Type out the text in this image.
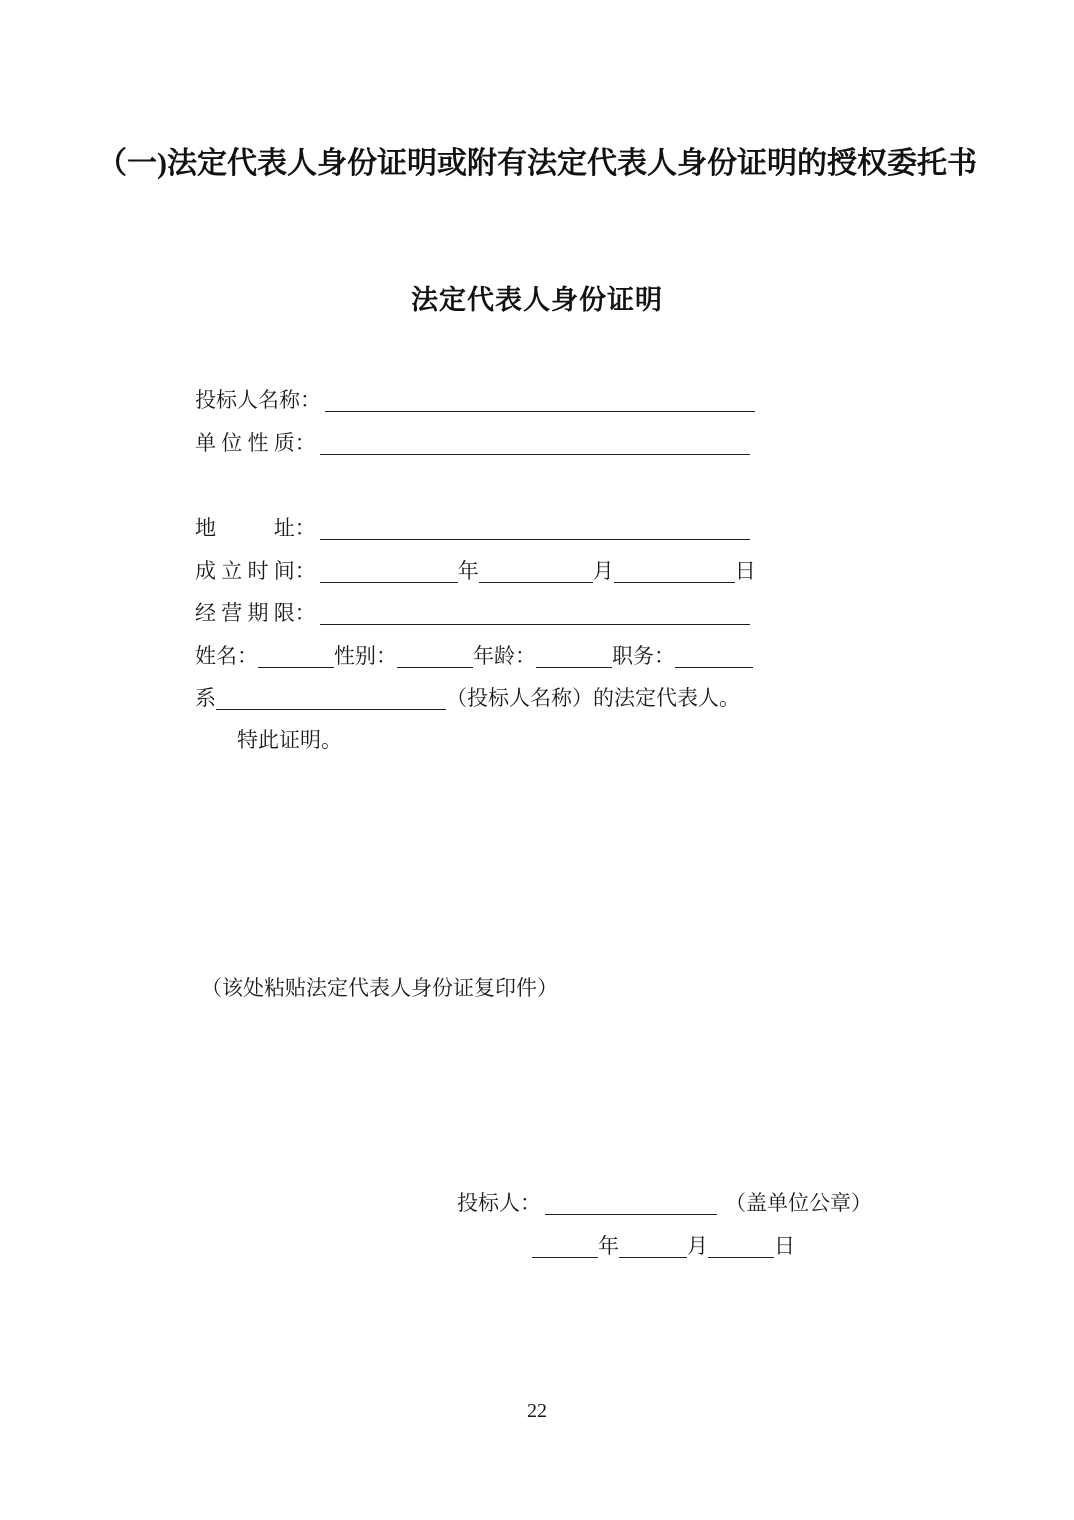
（一)法定代表人身份证明或附有法定代表人身份证明的授权委托书
法定代表人身份证明
投标人名称：
单 位 性 质：
地           址：
成 立 时 间：	年	月	日
经 营 期 限：
姓名：	性别：	年龄：	职务：
系	（投标人名称）的法定代表人。
特此证明。
（该处粘贴法定代表人身份证复印件）
投标人：	（盖单位公章）
年	月	日
22
